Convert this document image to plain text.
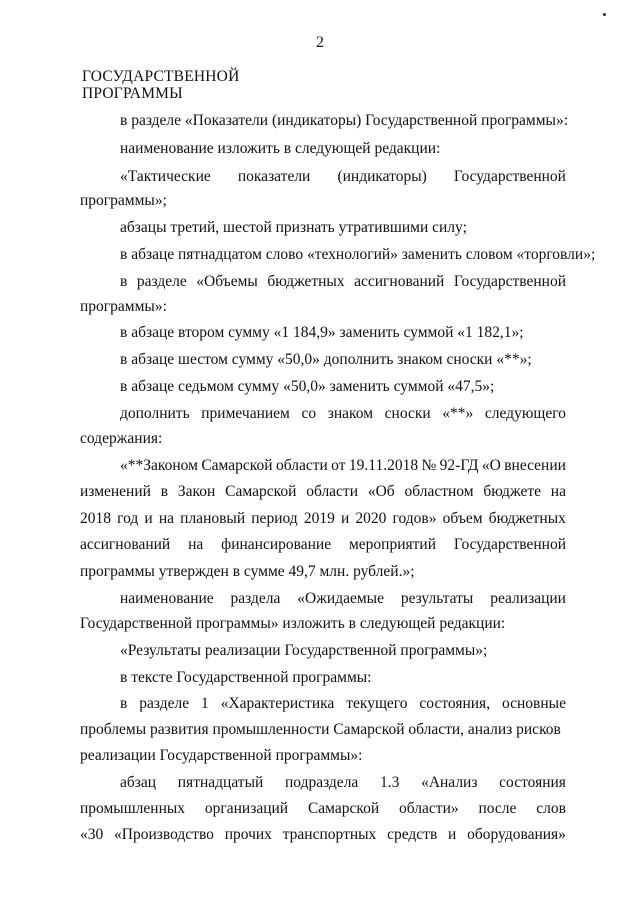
2
ГОСУДАРСТВЕННОЙ
ПРОГРАММЫ
в разделе «Показатели (индикаторы) Государственной программы»:
наименование изложить в следующей редакции:
«Тактические показатели (индикаторы) Государственной
программы»;
абзацы третий, шестой признать утратившими силу;
в абзаце пятнадцатом слово «технологий» заменить словом «торговли»;
в разделе «Объемы бюджетных ассигнований Государственной
программы»:
в абзаце втором сумму «1 184,9» заменить суммой «1 182,1»;
в абзаце шестом сумму «50,0» дополнить знаком сноски «**»;
в абзаце седьмом сумму «50,0» заменить суммой «47,5»;
дополнить примечанием со знаком сноски «**» следующего
содержания:
«**Законом Самарской области от 19.11.2018 № 92-ГД «О внесении
изменений в Закон Самарской области «Об областном бюджете на
2018 год и на плановый период 2019 и 2020 годов» объем бюджетных
ассигнований на финансирование мероприятий Государственной
программы утвержден в сумме 49,7 млн. рублей.»;
наименование раздела «Ожидаемые результаты реализации
Государственной программы» изложить в следующей редакции:
«Результаты реализации Государственной программы»;
в тексте Государственной программы:
в разделе 1 «Характеристика текущего состояния, основные
проблемы развития промышленности Самарской области, анализ рисков
реализации Государственной программы»:
абзац пятнадцатый подраздела 1.3 «Анализ состояния
промышленных организаций Самарской области» после слов
«30 «Производство прочих транспортных средств и оборудования»
